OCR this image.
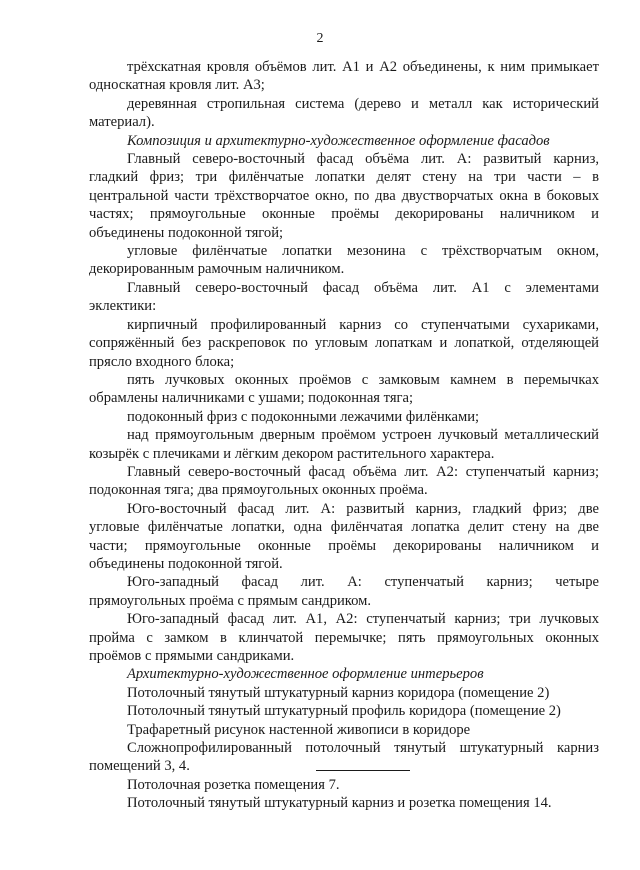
2
трёхскатная кровля объёмов лит. А1 и А2 объединены, к ним примыкает
односкатная кровля лит. А3;
деревянная стропильная система (дерево и металл как исторический
материал).
Композиция и архитектурно-художественное оформление фасадов
Главный северо-восточный фасад объёма лит. А: развитый карниз,
гладкий фриз; три филёнчатые лопатки делят стену на три части – в
центральной части трёхстворчатое окно, по два двустворчатых окна в боковых
частях; прямоугольные оконные проёмы декорированы наличником и
объединены подоконной тягой;
угловые филёнчатые лопатки мезонина с трёхстворчатым окном,
декорированным рамочным наличником.
Главный северо-восточный фасад объёма лит. А1 с элементами
эклектики:
кирпичный профилированный карниз со ступенчатыми сухариками,
сопряжённый без раскреповок по угловым лопаткам и лопаткой, отделяющей
прясло входного блока;
пять лучковых оконных проёмов с замковым камнем в перемычках
обрамлены наличниками с ушами; подоконная тяга;
подоконный фриз с подоконными лежачими филёнками;
над прямоугольным дверным проёмом устроен лучковый металлический
козырёк с плечиками и лёгким декором растительного характера.
Главный северо-восточный фасад объёма лит. А2: ступенчатый карниз;
подоконная тяга; два прямоугольных оконных проёма.
Юго-восточный фасад лит. А: развитый карниз, гладкий фриз; две
угловые филёнчатые лопатки, одна филёнчатая лопатка делит стену на две
части; прямоугольные оконные проёмы декорированы наличником и
объединены подоконной тягой.
Юго-западный фасад лит. А: ступенчатый карниз; четыре
прямоугольных проёма с прямым сандриком.
Юго-западный фасад лит. А1, А2: ступенчатый карниз; три лучковых
пройма с замком в клинчатой перемычке; пять прямоугольных оконных
проёмов с прямыми сандриками.
Архитектурно-художественное оформление интерьеров
Потолочный тянутый штукатурный карниз коридора (помещение 2)
Потолочный тянутый штукатурный профиль коридора (помещение 2)
Трафаретный рисунок настенной живописи в коридоре
Сложнопрофилированный потолочный тянутый штукатурный карниз
помещений 3, 4.
Потолочная розетка помещения 7.
Потолочный тянутый штукатурный карниз и розетка помещения 14.
